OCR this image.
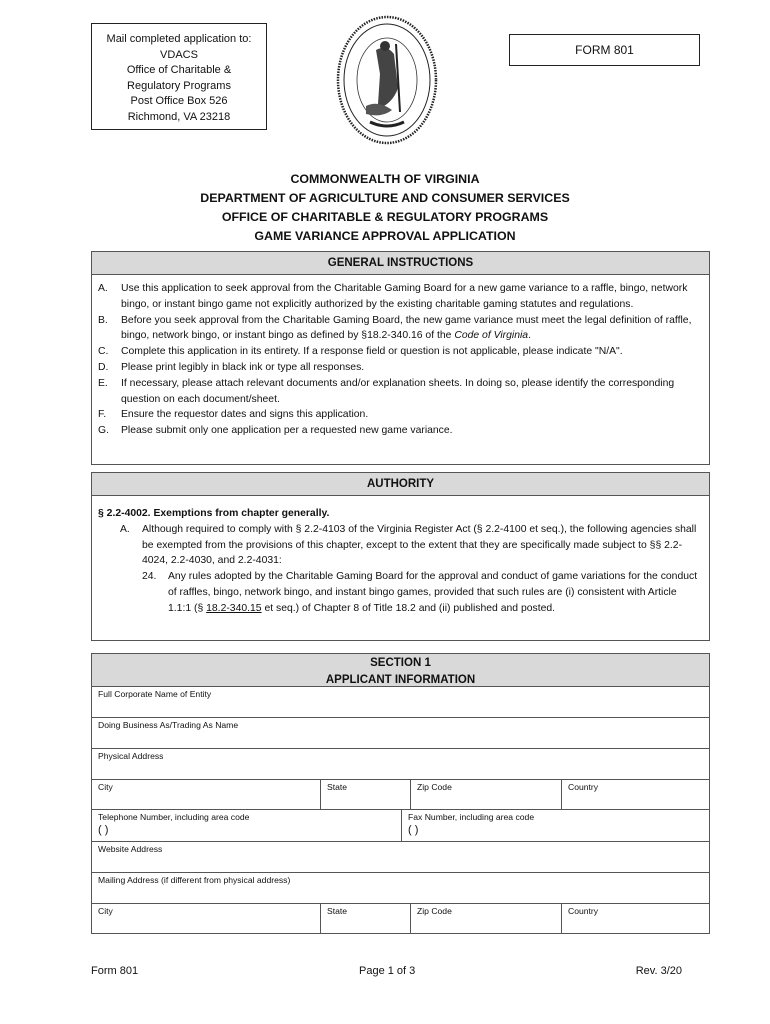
Mail completed application to:
VDACS
Office of Charitable &
Regulatory Programs
Post Office Box 526
Richmond, VA 23218
FORM 801
COMMONWEALTH OF VIRGINIA
DEPARTMENT OF AGRICULTURE AND CONSUMER SERVICES
OFFICE OF CHARITABLE & REGULATORY PROGRAMS
GAME VARIANCE APPROVAL APPLICATION
GENERAL INSTRUCTIONS
A.	Use this application to seek approval from the Charitable Gaming Board for a new game variance to a raffle, bingo, network bingo, or instant bingo game not explicitly authorized by the existing charitable gaming statutes and regulations.
B.	Before you seek approval from the Charitable Gaming Board, the new game variance must meet the legal definition of raffle, bingo, network bingo, or instant bingo as defined by §18.2-340.16 of the Code of Virginia.
C.	Complete this application in its entirety. If a response field or question is not applicable, please indicate "N/A".
D.	Please print legibly in black ink or type all responses.
E.	If necessary, please attach relevant documents and/or explanation sheets. In doing so, please identify the corresponding question on each document/sheet.
F.	Ensure the requestor dates and signs this application.
G.	Please submit only one application per a requested new game variance.
AUTHORITY
§ 2.2-4002. Exemptions from chapter generally.
A.	Although required to comply with § 2.2-4103 of the Virginia Register Act (§ 2.2-4100 et seq.), the following agencies shall be exempted from the provisions of this chapter, except to the extent that they are specifically made subject to §§ 2.2-4024, 2.2-4030, and 2.2-4031:
24.	Any rules adopted by the Charitable Gaming Board for the approval and conduct of game variations for the conduct of raffles, bingo, network bingo, and instant bingo games, provided that such rules are (i) consistent with Article 1.1:1 (§ 18.2-340.15 et seq.) of Chapter 8 of Title 18.2 and (ii) published and posted.
SECTION 1
APPLICANT INFORMATION
Full Corporate Name of Entity
Doing Business As/Trading As Name
Physical Address
City	State	Zip Code	Country
Telephone Number, including area code
( )
Fax Number, including area code
( )
Website Address
Mailing Address (if different from physical address)
City	State	Zip Code	Country
Form 801	Page 1 of 3	Rev. 3/20
